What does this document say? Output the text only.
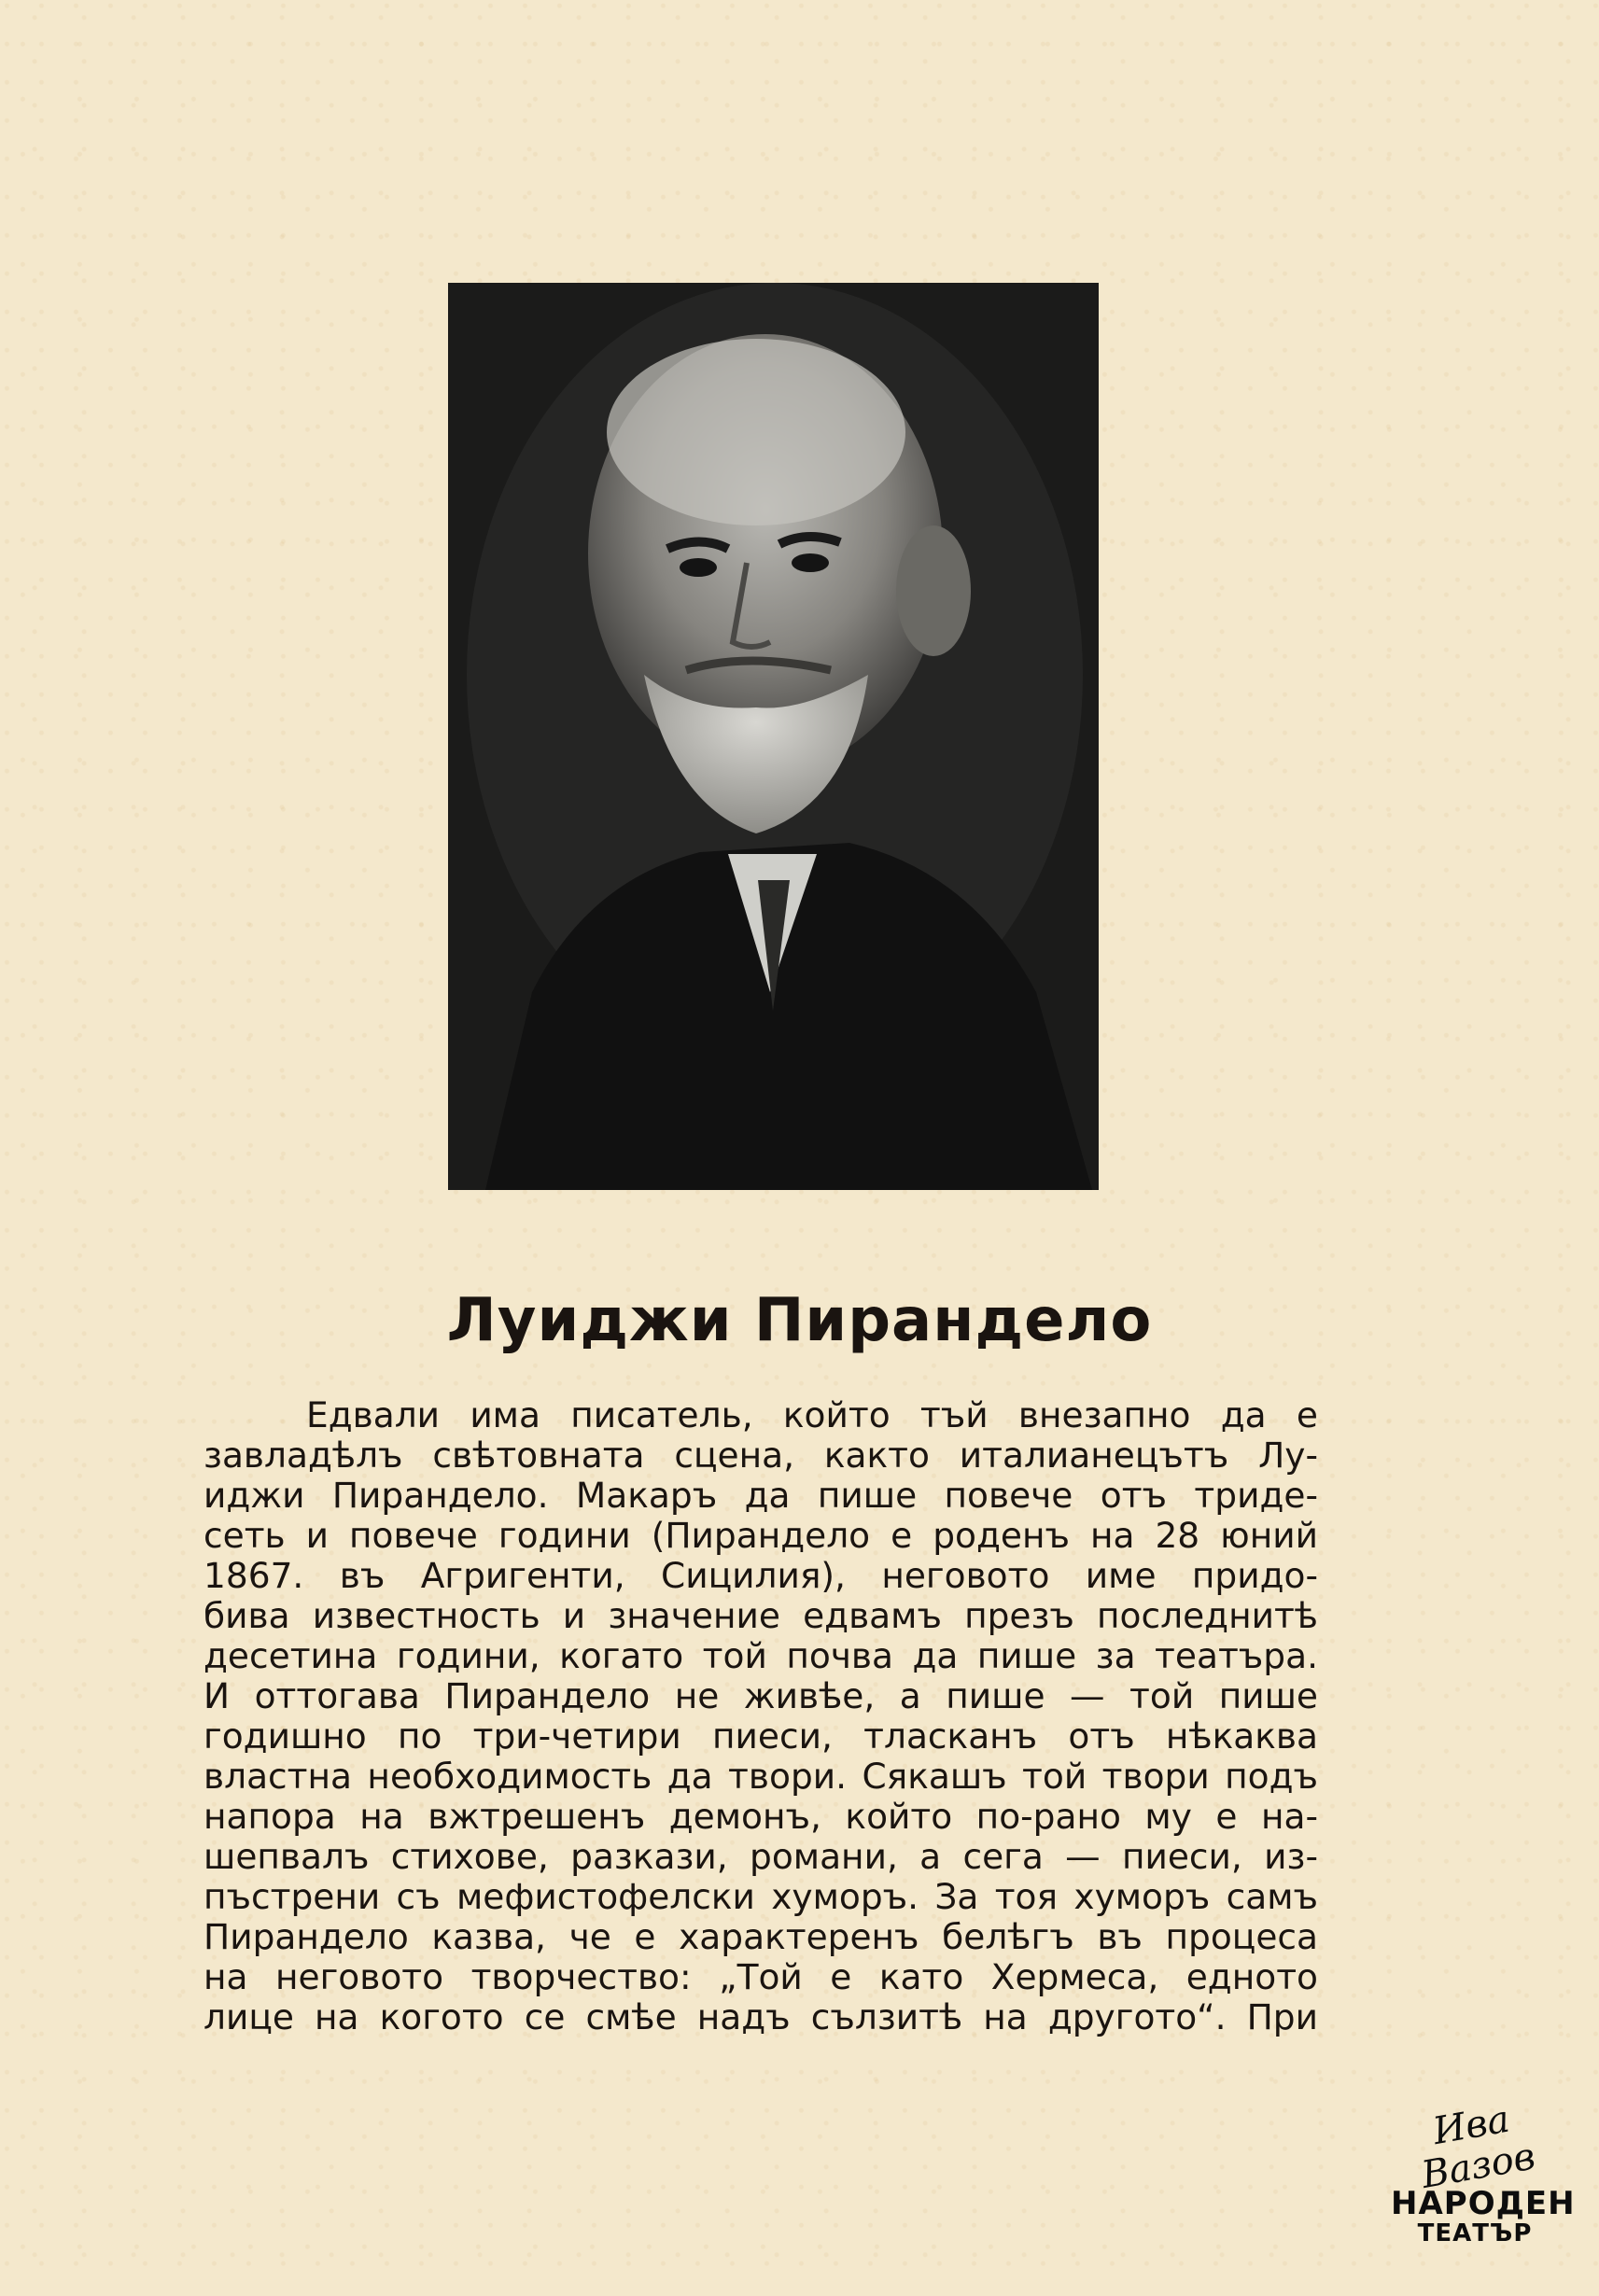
Луиджи Пирандело
Едвали има писатель, който тъй внезапно да е
завладѣлъ свѣтовната сцена, както италианецътъ Лу-
иджи Пирандело. Макаръ да пише повече отъ триде-
сеть и повече години (Пирандело е роденъ на 28 юний
1867. въ Агригенти, Сицилия), неговото име придо-
бива известность и значение едвамъ презъ последнитѣ
десетина години, когато той почва да пише за театъра.
И оттогава Пирандело не живѣе, а пише — той пише
годишно по три-четири пиеси, тласканъ отъ нѣкаква
властна необходимость да твори. Сякашъ той твори подъ
напора на вжтрешенъ демонъ, който по-рано му е на-
шепвалъ стихове, разкази, романи, а сега — пиеси, из-
пъстрени съ мефистофелски хуморъ. За тоя хуморъ самъ
Пирандело казва, че е характеренъ белѣгъ въ процеса
на неговото творчество: „Той е като Хермеса, едното
лице на когото се смѣе надъ сълзитѣ на другото“. При
Ива Вазов
НАРОДЕН
ТЕАТЪР
